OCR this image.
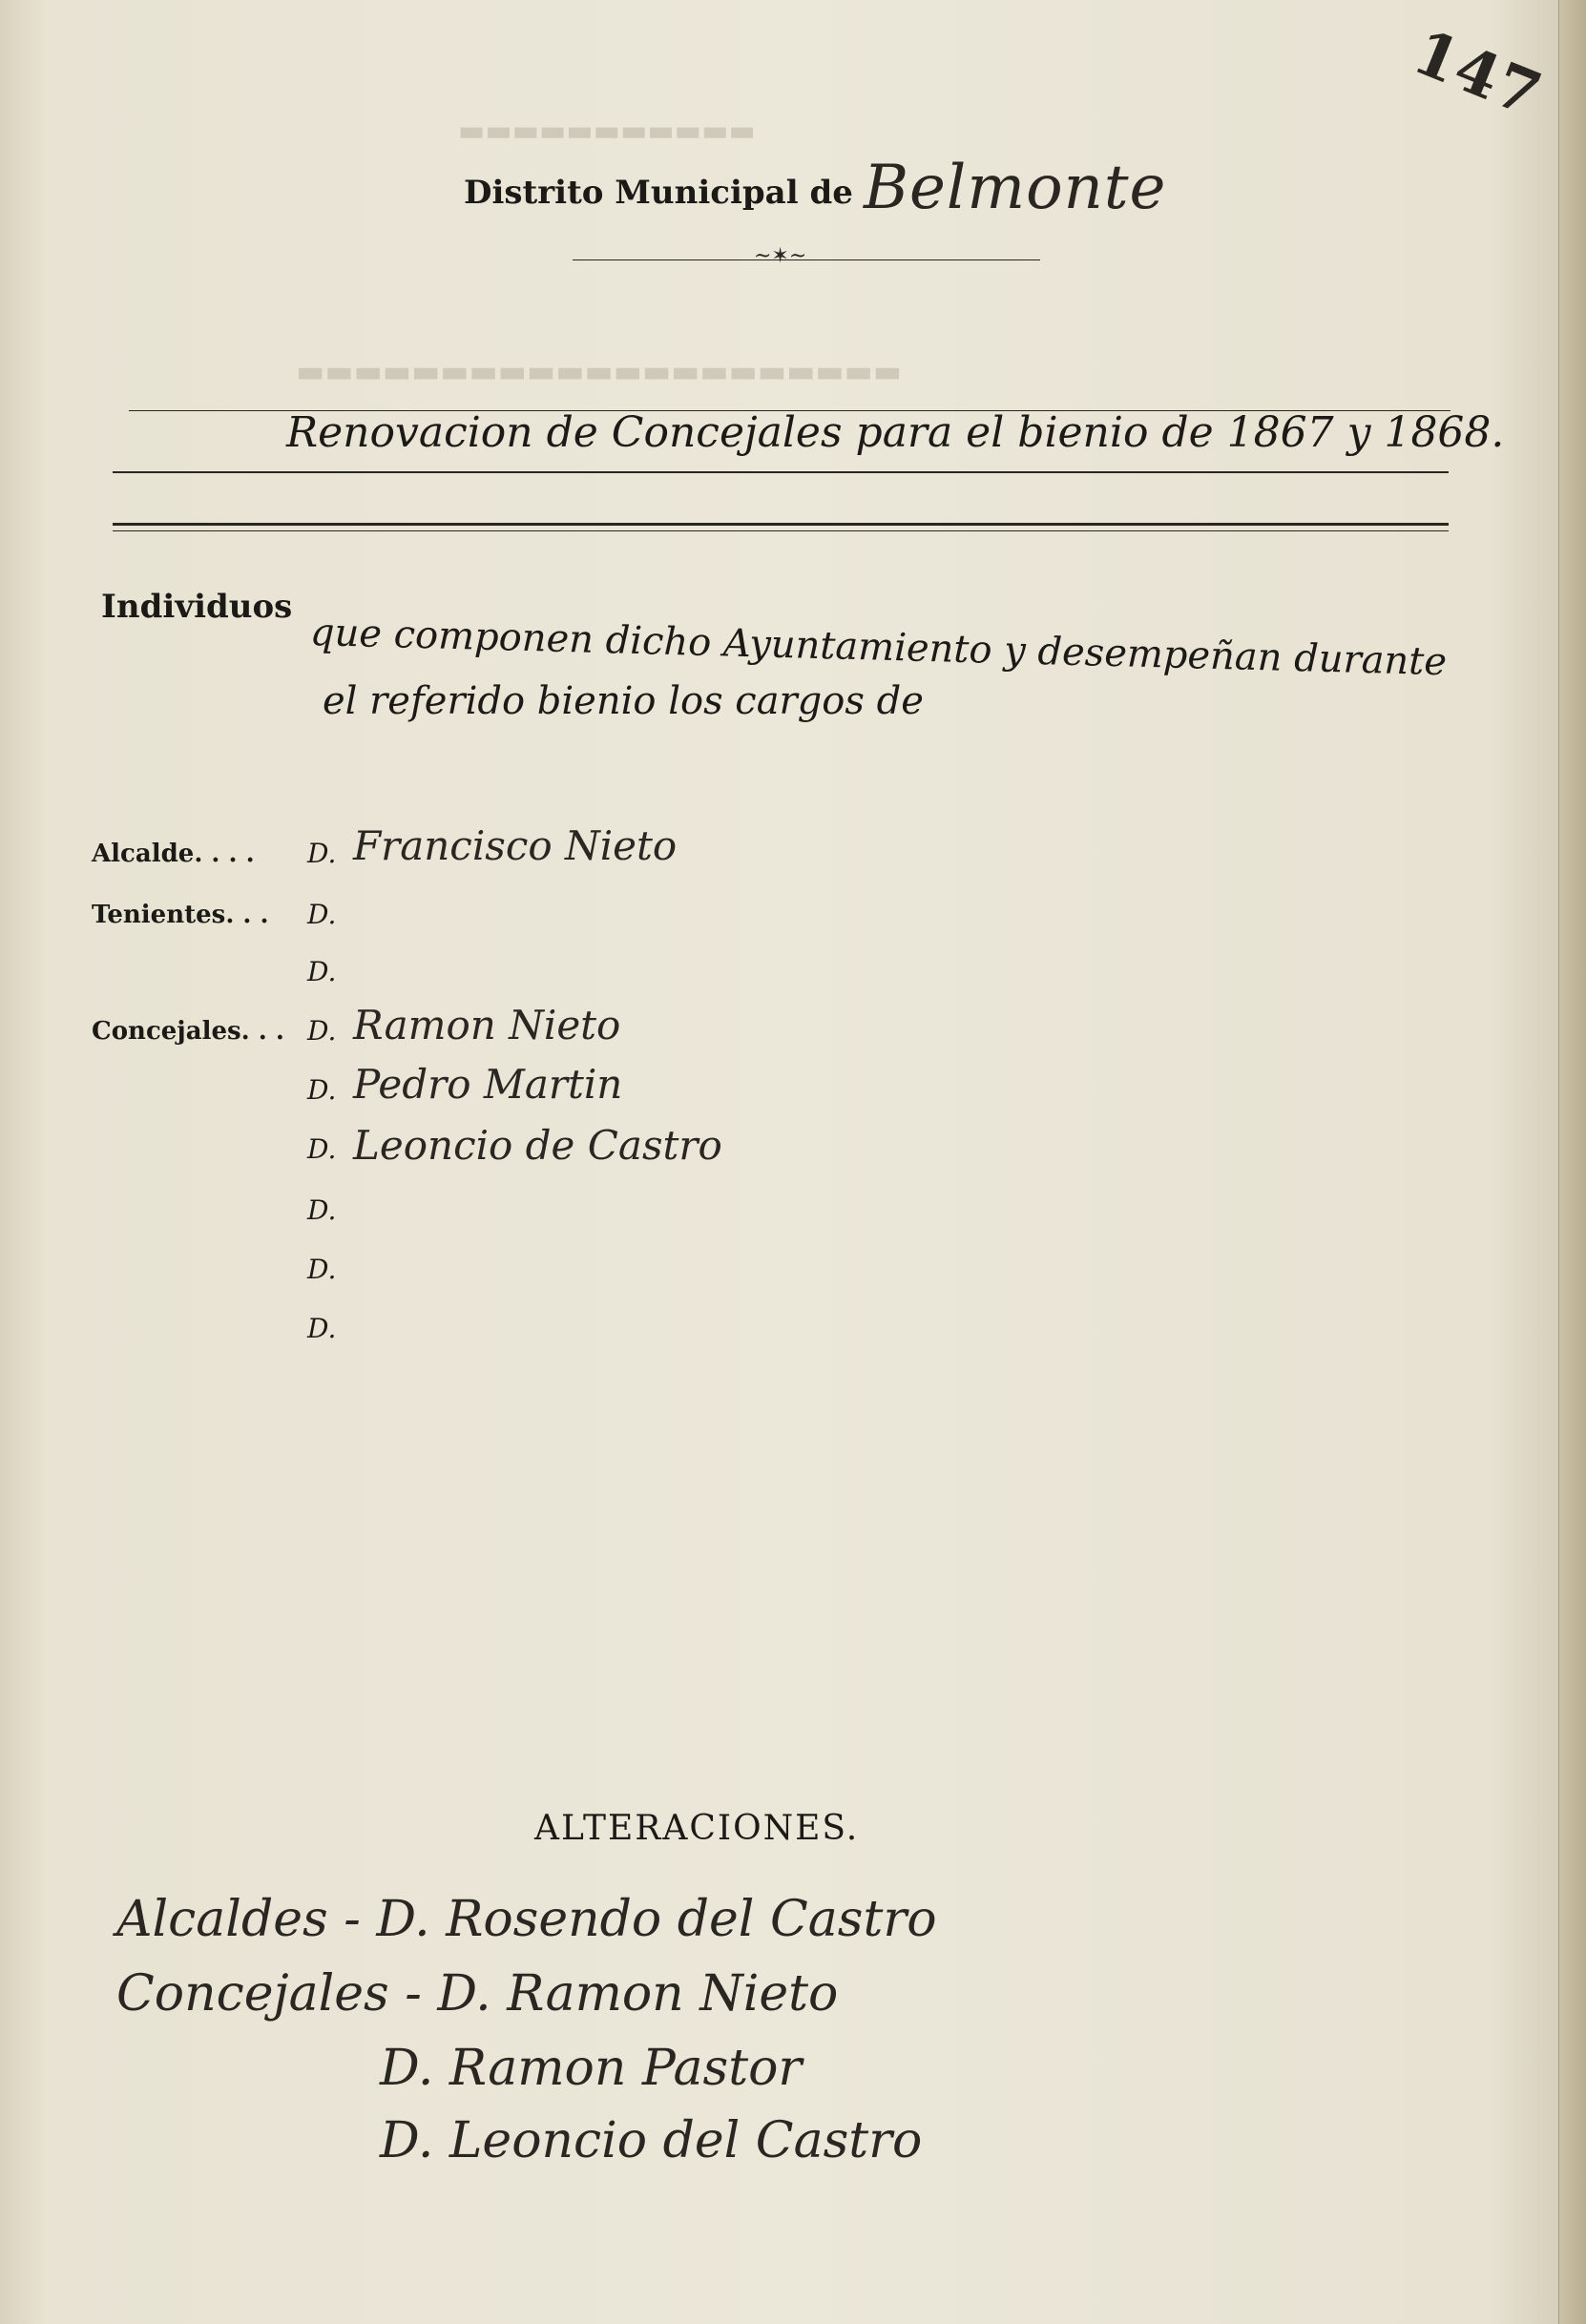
▬▬▬▬▬▬▬▬▬▬▬
▬▬▬▬▬▬▬▬▬▬▬▬▬▬▬▬▬▬▬▬▬
147
Distrito Municipal de Belmonte
~✶~
Renovacion de Concejales para el bienio de 1867 y 1868.
Individuos
que componen dicho Ayuntamiento y desempeñan durante
el referido bienio los cargos de
Alcalde. . . . D. Francisco Nieto
Tenientes. . . D.
D.
Concejales. . . D. Ramon Nieto
D. Pedro Martin
D. Leoncio de Castro
D.
D.
D.
ALTERACIONES.
Alcaldes - D. Rosendo del Castro
Concejales - D. Ramon Nieto
D. Ramon Pastor
D. Leoncio del Castro
